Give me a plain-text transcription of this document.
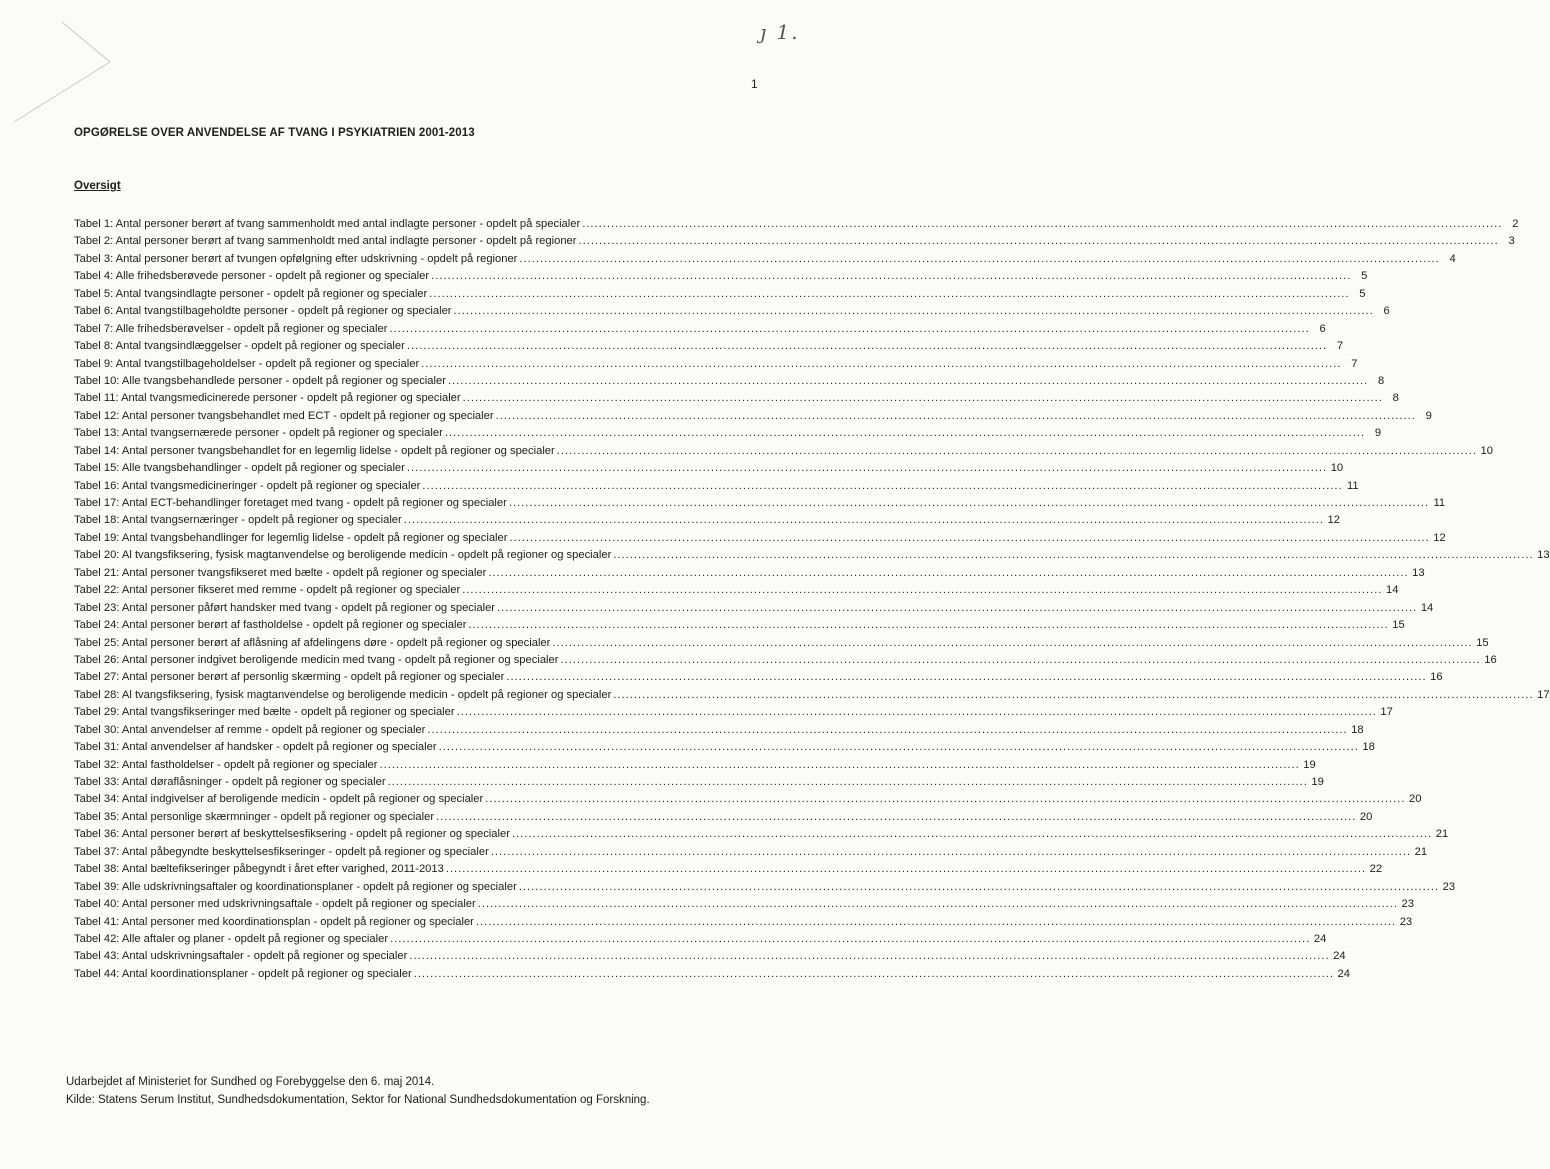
ȷ 1.
1
OPGØRELSE OVER ANVENDELSE AF TVANG I PSYKIATRIEN 2001-2013
Oversigt
Tabel 1: Antal personer berørt af tvang sammenholdt med antal indlagte personer - opdelt på specialer .....	2
Tabel 2: Antal personer berørt af tvang sammenholdt med antal indlagte personer - opdelt på regioner .....	3
Tabel 3: Antal personer berørt af tvungen opfølgning efter udskrivning - opdelt på regioner .....	4
Tabel 4: Alle frihedsberøvede personer - opdelt på regioner og specialer .....	5
Tabel 5: Antal tvangsindlagte personer - opdelt på regioner og specialer .....	5
Tabel 6: Antal tvangstilbageholdte personer - opdelt på regioner og specialer .....	6
Tabel 7: Alle frihedsberøvelser - opdelt på regioner og specialer .....	6
Tabel 8: Antal tvangsindlæggelser - opdelt på regioner og specialer .....	7
Tabel 9: Antal tvangstilbageholdelser - opdelt på regioner og specialer .....	7
Tabel 10: Alle tvangsbehandlede personer - opdelt på regioner og specialer .....	8
Tabel 11: Antal tvangsmedicinerede personer - opdelt på regioner og specialer .....	8
Tabel 12: Antal personer tvangsbehandlet med ECT - opdelt på regioner og specialer .....	9
Tabel 13: Antal tvangsernærede personer - opdelt på regioner og specialer .....	9
Tabel 14: Antal personer tvangsbehandlet for en legemlig lidelse - opdelt på regioner og specialer .....	10
Tabel 15: Alle tvangsbehandlinger - opdelt på regioner og specialer .....	10
Tabel 16: Antal tvangsmedicineringer - opdelt på regioner og specialer .....	11
Tabel 17: Antal ECT-behandlinger foretaget med tvang - opdelt på regioner og specialer .....	11
Tabel 18: Antal tvangsernæringer - opdelt på regioner og specialer .....	12
Tabel 19: Antal tvangsbehandlinger for legemlig lidelse - opdelt på regioner og specialer .....	12
Tabel 20: Al tvangsfiksering, fysisk magtanvendelse og beroligende medicin - opdelt på regioner og specialer .....	13
Tabel 21: Antal personer tvangsfikseret med bælte - opdelt på regioner og specialer .....	13
Tabel 22: Antal personer fikseret med remme - opdelt på regioner og specialer .....	14
Tabel 23: Antal personer påført handsker med tvang - opdelt på regioner og specialer .....	14
Tabel 24: Antal personer berørt af fastholdelse - opdelt på regioner og specialer .....	15
Tabel 25: Antal personer berørt af aflåsning af afdelingens døre - opdelt på regioner og specialer .....	15
Tabel 26: Antal personer indgivet beroligende medicin med tvang - opdelt på regioner og specialer .....	16
Tabel 27: Antal personer berørt af personlig skærming - opdelt på regioner og specialer .....	16
Tabel 28: Al tvangsfiksering, fysisk magtanvendelse og beroligende medicin - opdelt på regioner og specialer .....	17
Tabel 29: Antal tvangsfikseringer med bælte - opdelt på regioner og specialer .....	17
Tabel 30: Antal anvendelser af remme - opdelt på regioner og specialer .....	18
Tabel 31: Antal anvendelser af handsker - opdelt på regioner og specialer .....	18
Tabel 32: Antal fastholdelser - opdelt på regioner og specialer .....	19
Tabel 33: Antal døraflåsninger - opdelt på regioner og specialer .....	19
Tabel 34: Antal indgivelser af beroligende medicin - opdelt på regioner og specialer .....	20
Tabel 35: Antal personlige skærmninger - opdelt på regioner og specialer .....	20
Tabel 36: Antal personer berørt af beskyttelsesfiksering - opdelt på regioner og specialer .....	21
Tabel 37: Antal påbegyndte beskyttelsesfikseringer - opdelt på regioner og specialer .....	21
Tabel 38: Antal bæltefikseringer påbegyndt i året efter varighed, 2011-2013 .....	22
Tabel 39: Alle udskrivningsaftaler og koordinationsplaner - opdelt på regioner og specialer .....	23
Tabel 40: Antal personer med udskrivningsaftale - opdelt på regioner og specialer .....	23
Tabel 41: Antal personer med koordinationsplan - opdelt på regioner og specialer .....	23
Tabel 42: Alle aftaler og planer - opdelt på regioner og specialer .....	24
Tabel 43: Antal udskrivningsaftaler - opdelt på regioner og specialer .....	24
Tabel 44: Antal koordinationsplaner - opdelt på regioner og specialer .....	24
Udarbejdet af Ministeriet for Sundhed og Forebyggelse den 6. maj 2014.
Kilde: Statens Serum Institut, Sundhedsdokumentation, Sektor for National Sundhedsdokumentation og Forskning.
